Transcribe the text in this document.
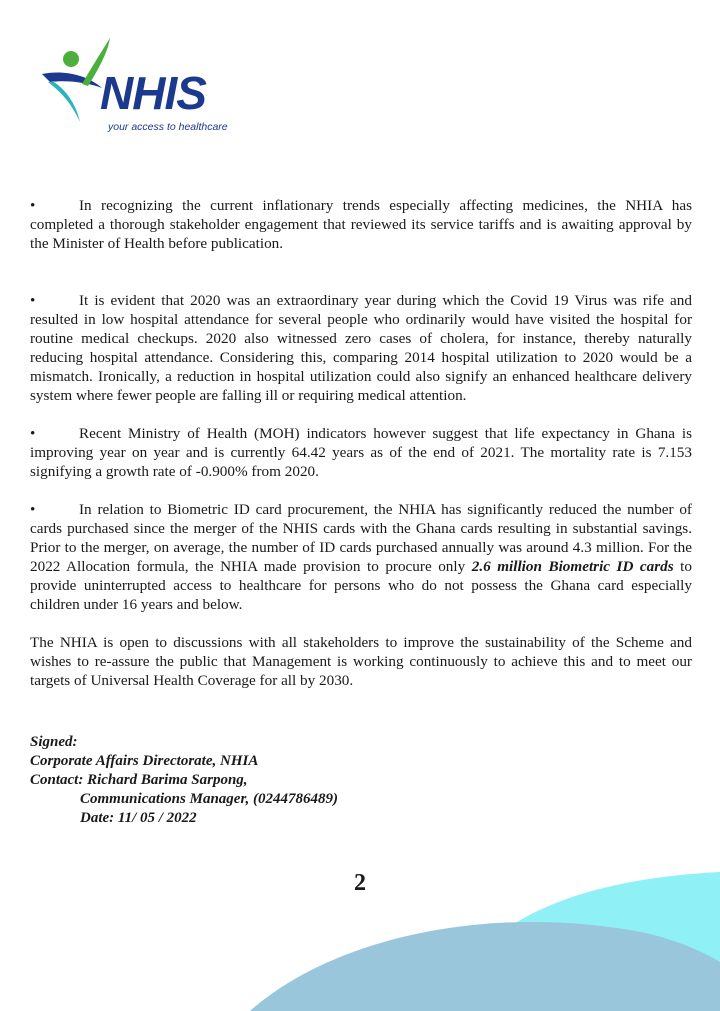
NHIS
your access to healthcare

•	In recognizing the current inflationary trends especially affecting medicines, the NHIA has completed a thorough stakeholder engagement that reviewed its service tariffs and is awaiting approval by the Minister of Health before publication.

•	It is evident that 2020 was an extraordinary year during which the Covid 19 Virus was rife and resulted in low hospital attendance for several people who ordinarily would have visited the hospital for routine medical checkups. 2020 also witnessed zero cases of cholera, for instance, thereby naturally reducing hospital attendance. Considering this, comparing 2014 hospital utilization to 2020 would be a mismatch. Ironically, a reduction in hospital utilization could also signify an enhanced healthcare delivery system where fewer people are falling ill or requiring medical attention.

•	Recent Ministry of Health (MOH) indicators however suggest that life expectancy in Ghana is improving year on year and is currently 64.42 years as of the end of 2021. The mortality rate is 7.153 signifying a growth rate of -0.900% from 2020.

•	In relation to Biometric ID card procurement, the NHIA has significantly reduced the number of cards purchased since the merger of the NHIS cards with the Ghana cards resulting in substantial savings. Prior to the merger, on average, the number of ID cards purchased annually was around 4.3 million. For the 2022 Allocation formula, the NHIA made provision to procure only 2.6 million Biometric ID cards to provide uninterrupted access to healthcare for persons who do not possess the Ghana card especially children under 16 years and below.

The NHIA is open to discussions with all stakeholders to improve the sustainability of the Scheme and wishes to re-assure the public that Management is working continuously to achieve this and to meet our targets of Universal Health Coverage for all by 2030.

Signed:
Corporate Affairs Directorate, NHIA
Contact: Richard Barima Sarpong,
Communications Manager, (0244786489)
Date: 11/ 05 / 2022
2
